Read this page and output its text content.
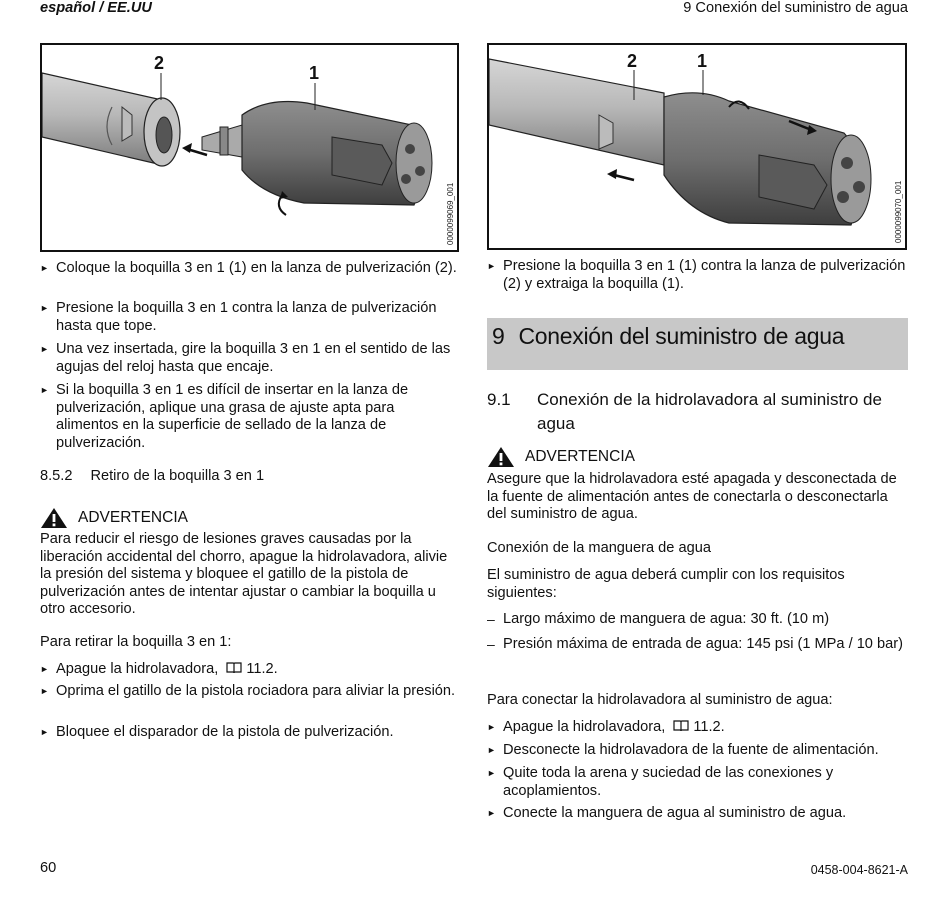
español / EE.UU	9 Conexión del suministro de agua
2	1
0000099069_001
2	1
0000099070_001
► Coloque la boquilla 3 en 1 (1) en la lanza de pulverización (2).
► Presione la boquilla 3 en 1 contra la lanza de pulverización hasta que tope.
► Una vez insertada, gire la boquilla 3 en 1 en el sentido de las agujas del reloj hasta que encaje.
► Si la boquilla 3 en 1 es difícil de insertar en la lanza de pulverización, aplique una grasa de ajuste apta para alimentos en la superficie de sellado de la lanza de pulverización.
8.5.2 Retiro de la boquilla 3 en 1
ADVERTENCIA
Para reducir el riesgo de lesiones graves causadas por la liberación accidental del chorro, apague la hidrolavadora, alivie la presión del sistema y bloquee el gatillo de la pistola de pulverización antes de intentar ajustar o cambiar la boquilla u otro accesorio.
Para retirar la boquilla 3 en 1:
► Apague la hidrolavadora, 11.2.
► Oprima el gatillo de la pistola rociadora para aliviar la presión.
► Bloquee el disparador de la pistola de pulverización.
► Presione la boquilla 3 en 1 (1) contra la lanza de pulverización (2) y extraiga la boquilla (1).
9 Conexión del suministro de agua
9.1	Conexión de la hidrolavadora al suministro de agua
ADVERTENCIA
Asegure que la hidrolavadora esté apagada y desconectada de la fuente de alimentación antes de conectarla o desconectarla del suministro de agua.
Conexión de la manguera de agua
El suministro de agua deberá cumplir con los requisitos siguientes:
– Largo máximo de manguera de agua: 30 ft. (10 m)
– Presión máxima de entrada de agua: 145 psi (1 MPa / 10 bar)
Para conectar la hidrolavadora al suministro de agua:
► Apague la hidrolavadora, 11.2.
► Desconecte la hidrolavadora de la fuente de alimentación.
► Quite toda la arena y suciedad de las conexiones y acoplamientos.
► Conecte la manguera de agua al suministro de agua.
60	0458-004-8621-A
